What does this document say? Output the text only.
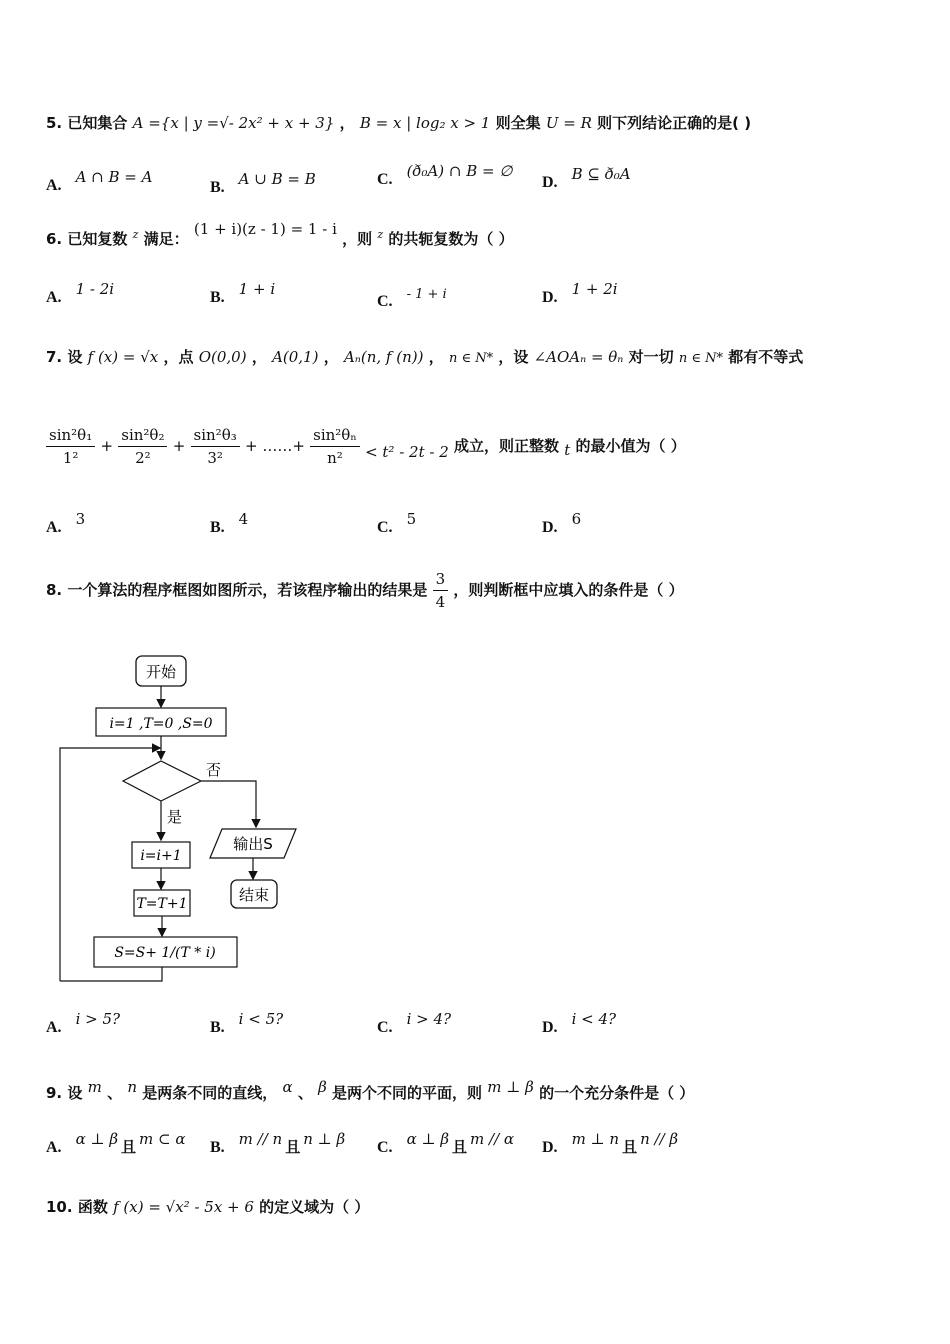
5. 已知集合 A ={x | y =√- 2x² + x + 3} ， B = x | log₂ x > 1 则全集 U = R 则下列结论正确的是( )
A. A ∩ B = A
B. A ∪ B = B	C. (ð₀A) ∩ B = ∅
D. B ⊆ ð₀A
6. 已知复数 $^z$ 满足： (1 + i)(z - 1) = 1 - i ，则 $^z$ 的共轭复数为（ ）
A. 1 - 2i	B. 1 + i
C. - 1 + i	D. 1 + 2i
7. 设 f (x) = √x ，点 O(0,0) ， A(0,1) ， Aₙ(n, f (n)) ， n ∈ N* ，设 ∠AOAₙ = θₙ 对一切 n ∈ N* 都有不等式
$\frac{\text{sin²θ₁}}{\text{1²}} + \frac{\text{sin²θ₂}}{\text{2²}} + \frac{\text{sin²θ₃}}{\text{3²}}$ + ……+ $\frac{\text{sin²θₙ}}{\text{n²}} < t^2 - 2t - 2$ 成立，则正整数 t 的最小值为（ ）
A. 3	B. 4	C. 5	D. 6
8. 一个算法的程序框图如图所示，若该程序输出的结果是 $\frac{3}{4}$ ，则判断框中应填入的条件是（ ）
开始
i=1 ,T=0 ,S=0
否
输出S
结束
是
i=i+1
T=T+1
S=S+ 1/(T * i)
A. i > 5?	B. i < 5?	C. i > 4?	D. i < 4?
9. 设 $^m$ 、 $^n$ 是两条不同的直线， $^\alpha$ 、 $^\beta$ 是两个不同的平面，则 $^{m \perp \beta}$ 的一个充分条件是（ ）
A. α ⊥ β 且 m ⊂ α B. m // n 且 n ⊥ β C. α ⊥ β 且 m // α D. m ⊥ n 且 n // β
10. 函数 f (x) = √x² - 5x + 6 的定义域为（ ）
